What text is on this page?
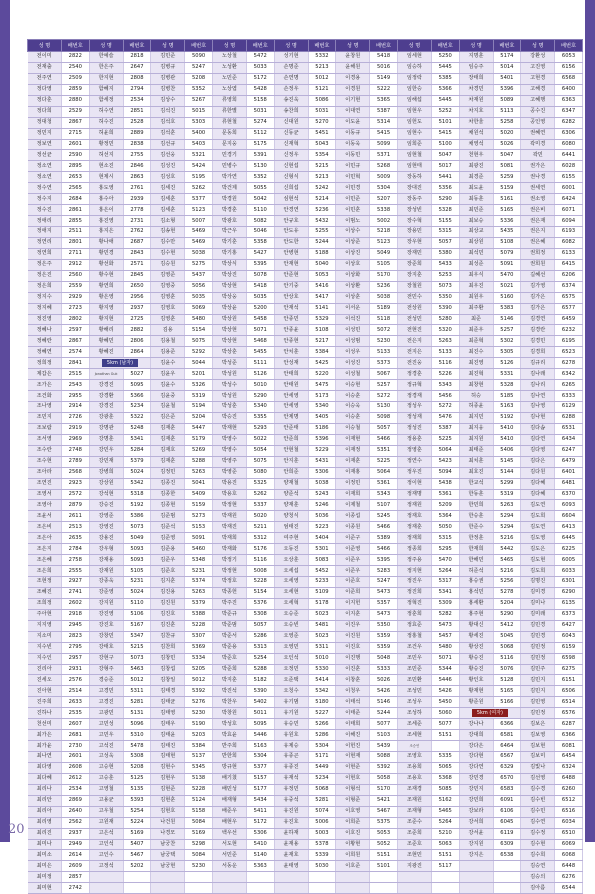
성 명	배번호	성 명	배번호	성 명	배번호	성 명	배번호	성 명	배번호	성 명	배번호	성 명	배번호	성 명	배번호	성 명	배번호
전이미	2822	한예슬	2818	김민준	5090	노상철	5472	성기현	5332	윤창원	5418	임세현	5250	지명훈	5174	강환성	6053
전재출	2540	한은주	2647	김병규	5247	노성환	5033	손명준	5213	윤해원	5016	임승하	5445	임승주	5014	고진영	6156
전주연	2509	한지현	2808	김병관	5208	노민준	5172	손연명	5012	이경용	5149	임정락	5385	장태희	5401	고현경	6568
정다영	2859	함혜지	2794	김병찬	5352	노상엽	5428	손정우	5121	이경원	5222	임한승	5366	차경민	5396	고해경	6400
정다훈	2880	함세정	2534	김상수	5267	류영희	5158	송진욱	5086	이기현	5365	임해섭	5445	차재원	5089	고혜행	6363
정다희	2529	허수연	2851	김석진	5015	류한별	5031	송찬희	5031	이대연	5387	임현우	5252	차지호	5113	공수진	6347
정대청	2867	허수진	2528	김석호	5303	류현철	5274	신대원	5270	이도윤	5314	임헌도	5101	차한울	5258	공인영	6282
정민지	2715	허윤희	2889	김석훈	5400	문동희	5112	신동균	5451	이동규	5415	임현수	5415	채원석	5020	권혜연	6306
정보연	2601	황정민	2838	김선규	5403	문지웅	5175	신재혁	5043	이동욱	5099	임희준	5100	채영석	5026	곽미경	6080
정선균	2590	허선지	2755	김선웅	5321	민경기	5391	신정우	5354	이동민	5371	임현철	5047	천현우	5047	곽민	6441
정소연	2895	현소진	2846	김성진	5424	민병수	5130	신현섭	5215	이민규	5268	임현태	5017	최광진	5081	권가은	6028
정소연	2653	현제시	2863	김성호	5195	박가연	5352	신형식	5213	이민혁	5009	장동하	5441	최경준	5259	권나경	6155
정수연	2565	홍도영	2761	김세진	5262	박건제	5055	신희섭	5242	이민경	5304	장대진	5356	최도윤	5159	권세연	6001
정수지	2684	홍수아	2939	김세훈	5377	박경원	5042	심현석	5214	이민준	5207	장동주	5290	최동훈	5161	권소영	6424
정수진	2861	홍은이	2778	김세훈	5123	박경훈	5110	안경연	5236	이민훈	5338	장성빈	5328	최민준	5165	권은비	6071
정애리	2855	홍진영	2731	김소형	5007	박광호	5082	안규호	5432	이범노	5002	장수혁	5155	최보승	5336	권은재	6094
정애지	2511	홍지은	2762	김송현	5469	박근우	5046	안도유	5255	이상수	5218	장용민	5315	최상교	5435	권은지	6193
정연리	2801	황나애	2687	김수만	5469	박기훈	5358	안도한	5244	이상준	5123	장우현	5057	최상원	5108	권은혜	6082
정연희	2711	황민경	2843	김수현	5038	박기홍	5427	안병현	5188	이상진	5049	장재민	5380	최석민	5079	권희정	6133
정은주	2912	황선화	2571	김승원	5275	박상식	5395	안재현	5040	이상호	5105	장준희	5433	최성준	5091	권희원	6415
정은진	2560	황수현	2845	김영준	5437	박상진	5078	안준현	5053	이상화	5170	장지훈	5253	최우식	5470	길혜선	6206
정은희	2559	황연희	2650	김영중	5056	박상현	5418	안기중	5416	이상환	5236	장철원	5073	최우진	5021	김가영	6374
정지수	2929	황은영	2956	김영훈	5035	박상웅	5035	안상호	5417	이상훈	5038	전민수	5350	최원우	5160	김가은	6575
정지혜	2723	황지영	2937	김영호	5069	박상윤	5200	안재석	5141	이서운	5189	전상원	5390	최주환	5383	김가은	6577
정진영	2802	황지현	2725	김영훈	5480	박상원	5458	안종민	5329	이석진	5118	전성민	5280	최준	5146	김경연	6459
정혜나	2597	황해리	2882	김용	5154	박상현	5071	안종윤	5108	이성민	5072	전현진	5320	최준우	5257	김경란	6232
정혜란	2867	황혜민	2806	김용철	5075	박상현	5468	안종현	5217	이성범	5230	전은지	5263	최준혁	5302	김경민	6195
정혜연	2574	황혜진	2864	김용준	5292	박상훈	5455	안치훈	5384	이성우	5133	전지은	5133	최진수	5305	김경희	6523
정희정	2841	5km (남자)		김윤수	5044	박성준	5111	안성재	5425	이성진	5373	전진웅	5116	최진영	5126	김규리	6278
제갑은	2515	Jonathan Guk	5027	김윤우	5201	박성원	5126	안태희	5220	이성철	5067	정경훈	5226	최진혁	5331	김나래	6342
조가은	2543	강경진	5095	김윤수	5326	박성수	5010	안태원	5475	이승현	5257	정규혁	5343	최창현	5328	김나리	6265
조건화	2955	강경환	5366	김윤중	5319	박성원	5290	안세영	5173	이승훈	5272	정경재	5456	허승	5185	김나연	6333
조나영	2914	강경진	5234	김윤철	5194	박성훈	5340	안세영	5340	이승욱	5130	정성우	5272	허종윤	5163	김나영	6129
조민지	2726	강광훈	5322	김은준	5204	박승진	5355	안제명	5405	이승훈	5098	정성재	5476	최지민	5192	김나현	6288
조보람	2919	강명관	5248	김재훈	5447	박재현	5293	안준태	5186	이승철	5057	정성진	5387	최지웅	5410	김다솜	6531
조서영	2969	강명훈	5341	김재훈	5179	박영수	5022	안준희	5396	이재현	5466	정용훈	5225	최지원	5410	김다연	6434
조수란	2748	강민우	5284	김재호	5269	박영수	5054	안현철	5229	이재정	5351	정영훈	5064	최태준	5406	김다영	6247
조수현	2789	강민재	5379	김재훈	5288	박영주	5075	안지훈	5431	이재훈	5225	정연수	5423	최치훈	5145	김다은	6479
조아라	2568	강병희	5024	김정민	5263	박영준	5080	안희준	5306	이재홍	5064	정우진	5094	최호진	5144	김다원	6401
조연진	2923	강상원	5342	김종진	5041	박용진	5325	양재철	5038	이정민	5361	정이현	5438	한교석	5299	김다혜	6481
조영서	2572	강석현	5318	김종한	5409	박용호	5262	양준석	5243	이재희	5343	정재명	5361	한동훈	5319	김다혜	6370
조영아	2879	강승진	5192	김종현	5159	박정현	5337	양재훈	5246	이제철	5107	정재원	5209	한민희	5263	김도연	6093
조윤서	2611	강영준	5386	김준범	5273	박재원	5020	양청식	5036	이종섭	5245	정재호	5364	한승훈	5294	김도희	6604
조은비	2513	강영진	5073	김준석	5153	박재진	5211	엄태진	5223	이종원	5466	정재훈	5050	한준수	5294	김도연	6413
조은아	2635	강용진	5049	김준영	5091	박재희	5312	여주현	5404	이준구	5389	정재희	5315	한정훈	5216	김도영	6445
조은지	2784	강우형	5093	김준용	5460	박재화	5176	오동진	5301	이준영	5466	정종희	5295	한재희	5442	김도은	6225
조은혜	2758	강재용	5093	김준우	5348	박정기	5116	오상훈	5083	이준우	5395	정주용	5470	한해민	5465	김도현	6005
조은희	2555	강재원	5105	김준호	5231	박정현	5008	오세섭	5452	이준우	5283	정지현	5264	허준석	5216	김도희	6033
조현정	2927	강종욱	5231	김지훈	5374	박정호	5228	오세영	5233	이준호	5247	정진우	5317	홍승권	5256	김명진	6301
조혜진	2741	강준영	5024	김진용	5263	박종헌	5154	오세현	5109	이준희	5473	정진희	5341	홍석민	5278	김미경	6290
조희정	2602	강지원	5110	김진원	5379	박주진	5376	오세혁	5178	이지헌	5357	정혁진	5309	홍세환	5204	김미나	6135
주아현	2918	강진영	5106	김진호	5388	박준규	5308	오승준	5023	이지훈	5473	정훈희	5282	홍주현	5290	김미래	6373
지지영	2945	강진호	5167	김진훈	5228	박준범	5057	오승빈	5481	이진우	5350	정효준	5473	황대신	5412	김민경	6427
지소미	2823	강창민	5347	김찬규	5307	박준서	5286	오영준	5023	이진원	5359	정홍철	5457	황세진	5045	김민경	6043
지수빈	2795	강태호	5215	김찬희	5369	박준용	5313	오영민	5311	이진호	5359	조건우	5480	황상진	5068	김민정	6159
지수인	2957	강현구	5073	김창민	5334	박준호	5254	오인석	5010	이진행	5048	조민우	5071	황승진	5116	김민정	6598
진리아	2931	강형주	5463	김창섭	5205	박준희	5288	오정민	5330	이진훈	5333	조민준	5344	황승진	5076	김민주	6275
진세오	2576	경승준	5012	김창일	5012	박지훈	5182	오준택	5414	이창훈	5026	조민환	5446	황인호	5128	김민지	6151
진아현	2514	고경민	5311	김태경	5392	박진석	5390	오청수	5342	이청우	5426	조성민	5426	황재현	5165	김민지	6506
진주희	2633	고경진	5281	김태균	5276	박찬우	5402	유기범	5180	이태석	5146	조성우	5450	황준원	5166	김민영	6514
진하나	2535	고광민	5131	김태영	5230	박창원	5011	유기원	5227	이태준	5244	조성하	5060	5km (여자)		김민정	6576
천선미	2607	고민성	5096	김태우	5190	박성호	5095	유승민	5266	이태희	5077	조세준	5077	강나나	6366	김보은	6287
최가은	2681	고민우	5310	김태윤	5203	박효윤	5446	유원호	5286	이해진	5103	조세현	5151	강대희	6581	김보영	6366
최가윤	2730	고석진	5478	김태진	5384	반주희	5163	유제승	5304	이헌진	5439	조승연		강다은	6464	김보현	6081
최나연	2601	고성욱	5308	김태현	5137	반한희	5304	유종곤	5171	이현재	5088	조영호	5335	강다현	6567	김보미	6454
최다영	2608	고승현	5208	김현수	5345	방규현	5377	유종진	5449	이현준	5392	조용희	5065	강다연	6329	김빛나	6324
최다혜	2612	고승훈	5125	김현우	5138	배기쳤	5157	유재석	5234	이현호	5058	조용호	5368	강민경	6570	김선영	6488
최리나	2534	고영철	5135	김현준	5228	배민성	5177	유정민	5068	이형석	5170	조재경	5085	강민지	6583	김수경	6260
최리안	2869	고용균	5393	김현훈	5124	배재형	5434	유중석	5281	이형준	5421	조재원	5162	강민희	6091	김수빈	6512
최리아	2640	고우철	5254	김현호	5158	배준우	5411	유진원	5074	이호영	5467	조재형	5465	강보라	6106	김수민	6516
최리영	2562	고원재	5224	나건원	5084	배현우	5172	유진호	5006	이희준	5375	조준수	5264	강서희	6045	김수연	6034
최리진	2937	고은석	5169	나경모	5169	백우선	5306	윤하재	5003	이호진	5053	조준희	5210	강서윤	6119	김수정	6510
최미나	2949	고인석	5407	남궁찬	5298	서도현	5410	윤재용	5378	이황현	5052	조준호	5063	강지원	6309	김수현	6069
최미소	2614	고인수	5467	남궁택	5084	서민준	5140	윤재호	5339	이희원	5151	조현민	5151	강지은	6538	김수희	6068
최미은	2609	고정석	5202	남궁현	5230	서동운	5363	윤태영	5030	이호준	5101	지광진	5117			김승연	6448
최미정	2857															김승의	6276
최미현	2742															김아름	6544
20
